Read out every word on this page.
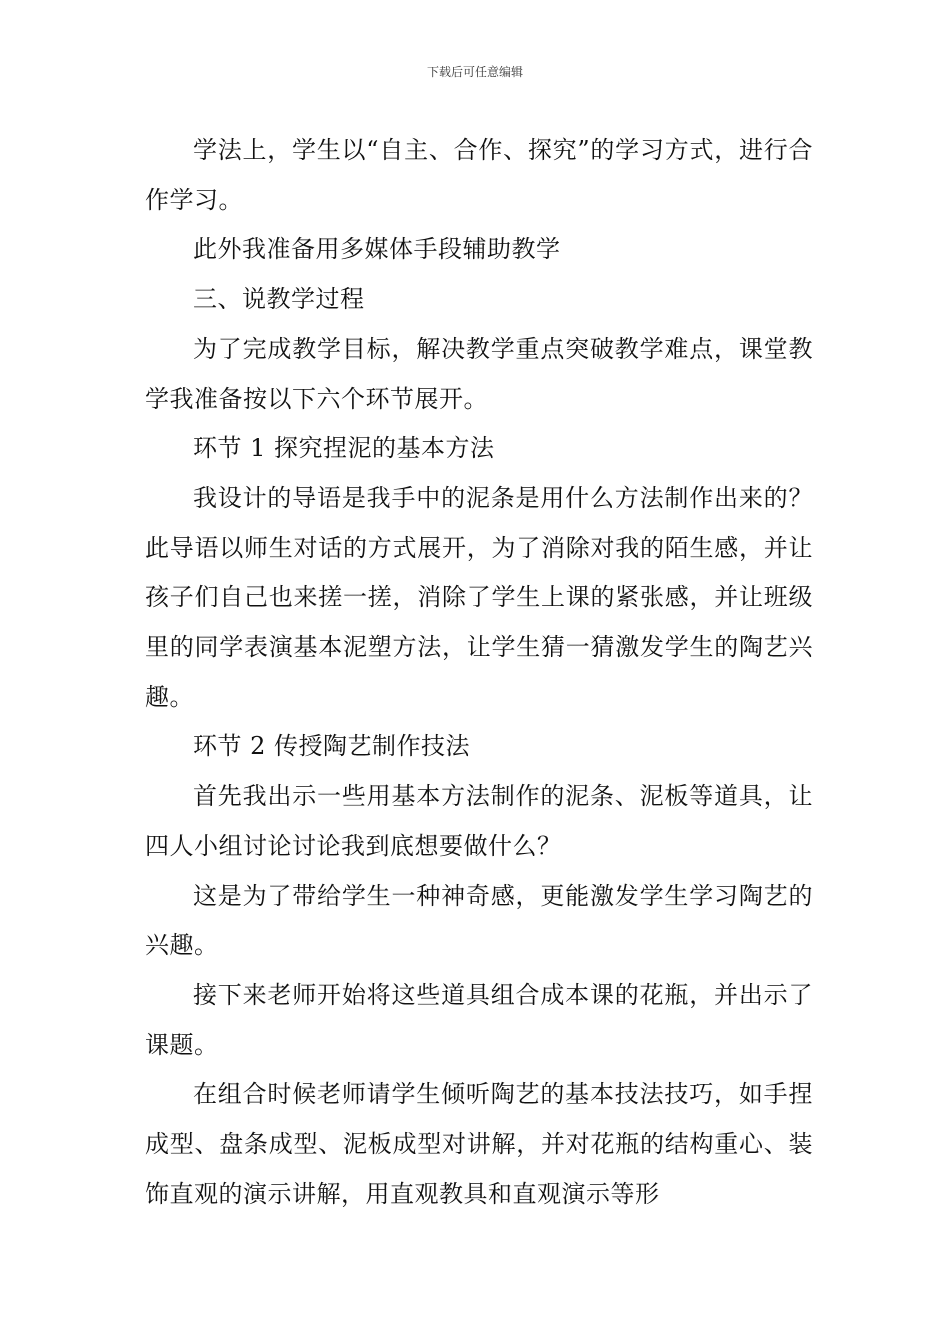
下载后可任意编辑

学法上，学生以“自主、合作、探究”的学习方式，进行合作学习。

此外我准备用多媒体手段辅助教学

三、说教学过程

为了完成教学目标，解决教学重点突破教学难点，课堂教学我准备按以下六个环节展开。

环节 1 探究捏泥的基本方法

我设计的导语是我手中的泥条是用什么方法制作出来的？此导语以师生对话的方式展开，为了消除对我的陌生感，并让孩子们自己也来搓一搓，消除了学生上课的紧张感，并让班级里的同学表演基本泥塑方法，让学生猜一猜激发学生的陶艺兴趣。

环节 2 传授陶艺制作技法

首先我出示一些用基本方法制作的泥条、泥板等道具，让四人小组讨论讨论我到底想要做什么？

这是为了带给学生一种神奇感，更能激发学生学习陶艺的兴趣。

接下来老师开始将这些道具组合成本课的花瓶，并出示了课题。

在组合时候老师请学生倾听陶艺的基本技法技巧，如手捏成型、盘条成型、泥板成型对讲解，并对花瓶的结构重心、装饰直观的演示讲解，用直观教具和直观演示等形
